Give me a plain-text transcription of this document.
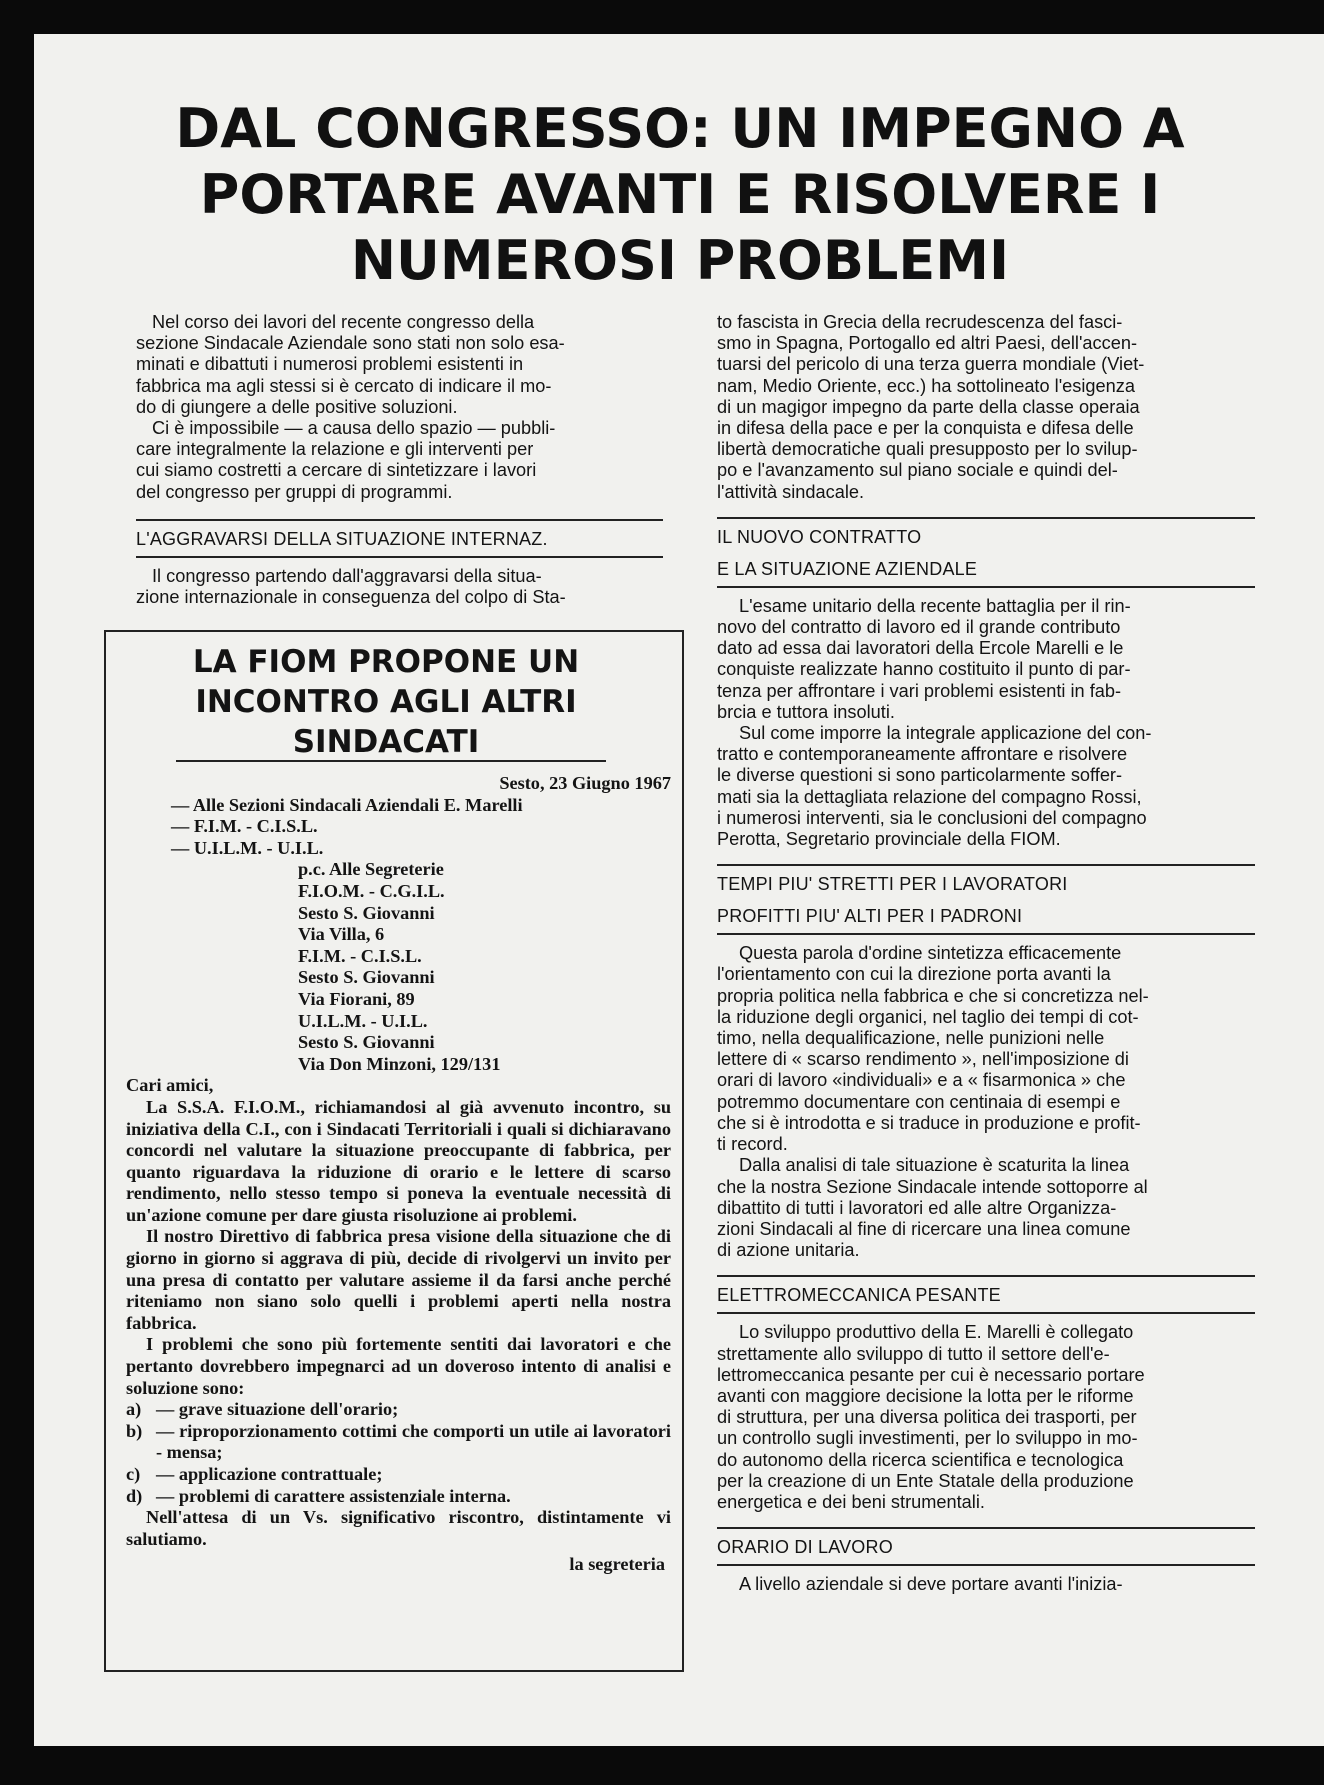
DAL CONGRESSO: UN IMPEGNO A
PORTARE AVANTI E RISOLVERE I
NUMEROSI PROBLEMI
Nel corso dei lavori del recente congresso della
sezione Sindacale Aziendale sono stati non solo esa-
minati e dibattuti i numerosi problemi esistenti in
fabbrica ma agli stessi si è cercato di indicare il mo-
do di giungere a delle positive soluzioni.
Ci è impossibile — a causa dello spazio — pubbli-
care integralmente la relazione e gli interventi per
cui siamo costretti a cercare di sintetizzare i lavori
del congresso per gruppi di programmi.
L'AGGRAVARSI DELLA SITUAZIONE INTERNAZ.
Il congresso partendo dall'aggravarsi della situa-
zione internazionale in conseguenza del colpo di Sta-
LA FIOM PROPONE UN
INCONTRO AGLI ALTRI
SINDACATI

Sesto, 23 Giugno 1967

— Alle Sezioni Sindacali Aziendali E. Marelli

— F.I.M. - C.I.S.L.

— U.I.L.M. - U.I.L.

p.c. Alle Segreterie

F.I.O.M. - C.G.I.L.

Sesto S. Giovanni

Via Villa, 6

F.I.M. - C.I.S.L.

Sesto S. Giovanni

Via Fiorani, 89

U.I.L.M. - U.I.L.

Sesto S. Giovanni

Via Don Minzoni, 129/131

Cari amici,

La S.S.A. F.I.O.M., richiamandosi al già avvenuto incontro, su iniziativa della C.I., con i Sindacati Territoriali i quali si dichiaravano concordi nel valutare la situazione preoccupante di fabbrica, per quanto riguardava la riduzione di orario e le lettere di scarso rendimento, nello stesso tempo si poneva la eventuale necessità di un'azione comune per dare giusta risoluzione ai problemi.

Il nostro Direttivo di fabbrica presa visione della situazione che di giorno in giorno si aggrava di più, decide di rivolgervi un invito per una presa di contatto per valutare assieme il da farsi anche perché riteniamo non siano solo quelli i problemi aperti nella nostra fabbrica.

I problemi che sono più fortemente sentiti dai lavoratori e che pertanto dovrebbero impegnarci ad un doveroso intento di analisi e soluzione sono:

a) — grave situazione dell'orario;
b) — riproporzionamento cottimi che comporti un utile ai lavoratori - mensa;
c) — applicazione contrattuale;
d) — problemi di carattere assistenziale interna.

Nell'attesa di un Vs. significativo riscontro, distintamente vi salutiamo.

la segreteria

to fascista in Grecia della recrudescenza del fasci-
smo in Spagna, Portogallo ed altri Paesi, dell'accen-
tuarsi del pericolo di una terza guerra mondiale (Viet-
nam, Medio Oriente, ecc.) ha sottolineato l'esigenza
di un magigor impegno da parte della classe operaia
in difesa della pace e per la conquista e difesa delle
libertà democratiche quali presupposto per lo svilup-
po e l'avanzamento sul piano sociale e quindi del-
l'attività sindacale.
IL NUOVO CONTRATTO
E LA SITUAZIONE AZIENDALE
L'esame unitario della recente battaglia per il rin-
novo del contratto di lavoro ed il grande contributo
dato ad essa dai lavoratori della Ercole Marelli e le
conquiste realizzate hanno costituito il punto di par-
tenza per affrontare i vari problemi esistenti in fab-
brcia e tuttora insoluti.
Sul come imporre la integrale applicazione del con-
tratto e contemporaneamente affrontare e risolvere
le diverse questioni si sono particolarmente soffer-
mati sia la dettagliata relazione del compagno Rossi,
i numerosi interventi, sia le conclusioni del compagno
Perotta, Segretario provinciale della FIOM.
TEMPI PIU' STRETTI PER I LAVORATORI
PROFITTI PIU' ALTI PER I PADRONI
Questa parola d'ordine sintetizza efficacemente
l'orientamento con cui la direzione porta avanti la
propria politica nella fabbrica e che si concretizza nel-
la riduzione degli organici, nel taglio dei tempi di cot-
timo, nella dequalificazione, nelle punizioni nelle
lettere di « scarso rendimento », nell'imposizione di
orari di lavoro «individuali» e a « fisarmonica » che
potremmo documentare con centinaia di esempi e
che si è introdotta e si traduce in produzione e profit-
ti record.
Dalla analisi di tale situazione è scaturita la linea
che la nostra Sezione Sindacale intende sottoporre al
dibattito di tutti i lavoratori ed alle altre Organizza-
zioni Sindacali al fine di ricercare una linea comune
di azione unitaria.
ELETTROMECCANICA PESANTE
Lo sviluppo produttivo della E. Marelli è collegato
strettamente allo sviluppo di tutto il settore dell'e-
lettromeccanica pesante per cui è necessario portare
avanti con maggiore decisione la lotta per le riforme
di struttura, per una diversa politica dei trasporti, per
un controllo sugli investimenti, per lo sviluppo in mo-
do autonomo della ricerca scientifica e tecnologica
per la creazione di un Ente Statale della produzione
energetica e dei beni strumentali.
ORARIO DI LAVORO
A livello aziendale si deve portare avanti l'inizia-
